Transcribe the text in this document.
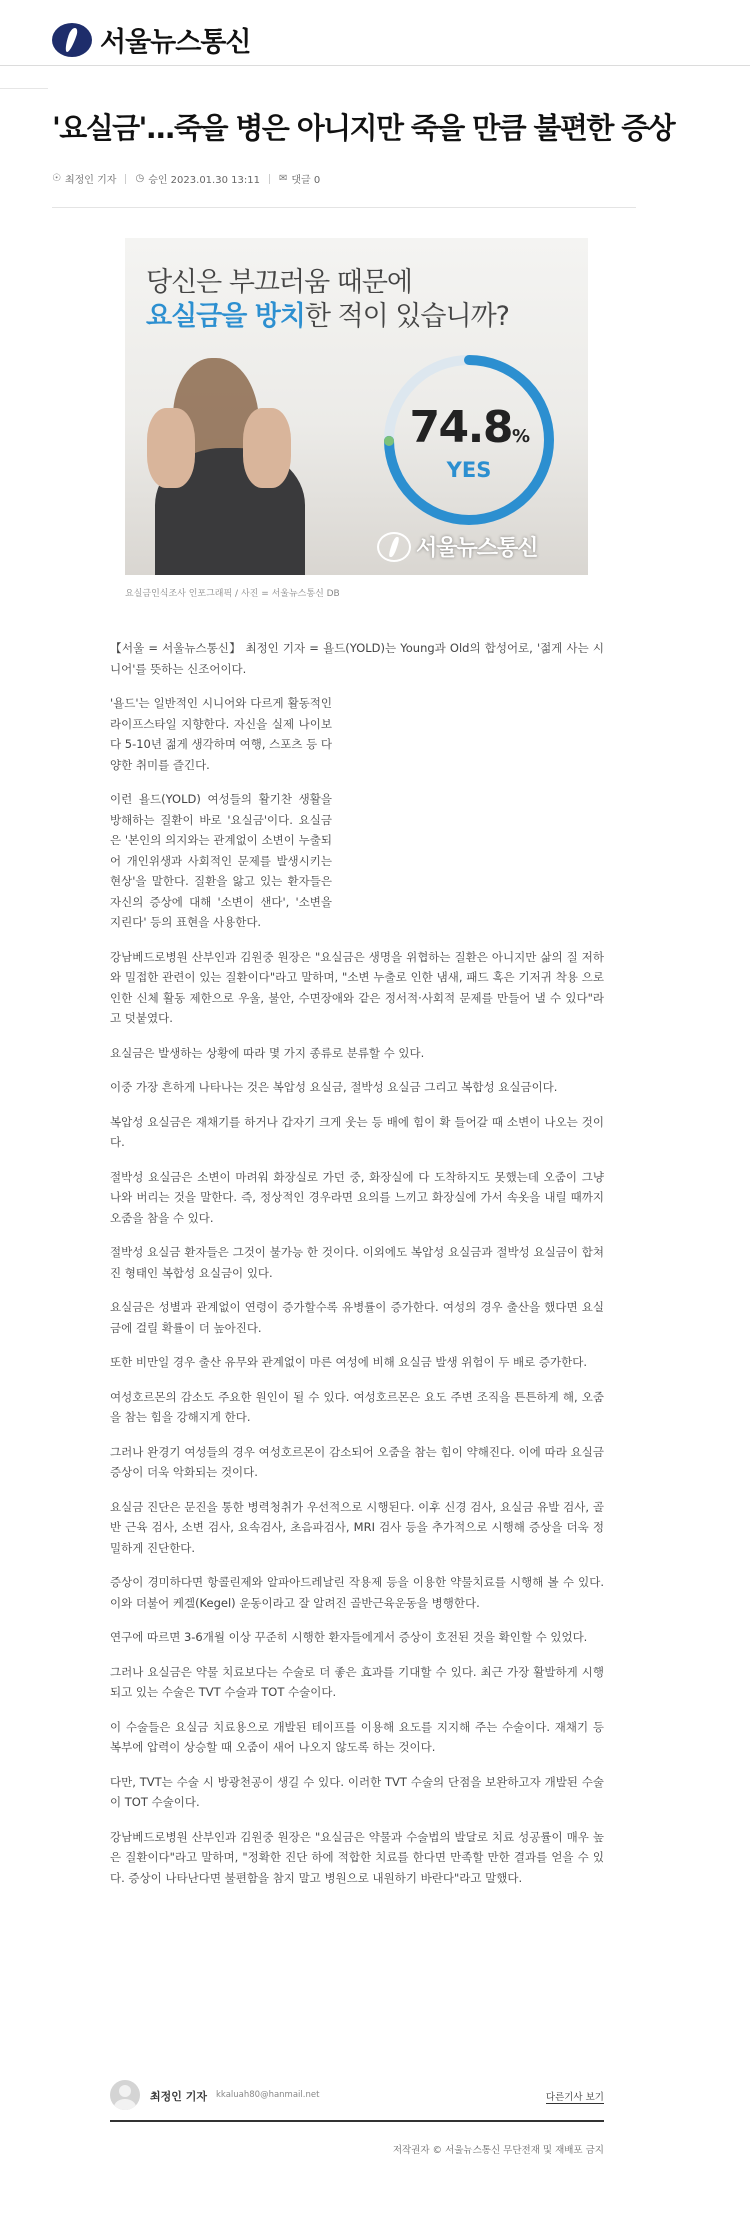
서울뉴스통신
'요실금'...죽을 병은 아니지만 죽을 만큼 불편한 증상
☉ 최정인 기자 ◷ 승인 2023.01.30 13:11 ✉ 댓글 0
당신은 부끄러움 때문에
요실금을 방치한 적이 있습니까?
74.8%
YES
서울뉴스통신
요실금인식조사 인포그래픽 / 사진 = 서울뉴스통신 DB

【서울 = 서울뉴스통신】 최정인 기자 = 욜드(YOLD)는 Young과 Old의 합성어로, '젊게 사는 시니어'를 뜻하는 신조어이다.

'욜드'는 일반적인 시니어와 다르게 활동적인 라이프스타일 지향한다. 자신을 실제 나이보다 5-10년 젊게 생각하며 여행, 스포츠 등 다양한 취미를 즐긴다.

이런 욜드(YOLD) 여성들의 활기찬 생활을 방해하는 질환이 바로 '요실금'이다. 요실금은 '본인의 의지와는 관계없이 소변이 누출되어 개인위생과 사회적인 문제를 발생시키는 현상'을 말한다. 질환을 앓고 있는 환자들은 자신의 증상에 대해 '소변이 샌다', '소변을 지린다' 등의 표현을 사용한다.

강남베드로병원 산부인과 김원중 원장은 "요실금은 생명을 위협하는 질환은 아니지만 삶의 질 저하와 밀접한 관련이 있는 질환이다"라고 말하며, "소변 누출로 인한 냄새, 패드 혹은 기저귀 착용 으로 인한 신체 활동 제한으로 우울, 불안, 수면장애와 같은 정서적·사회적 문제를 만들어 낼 수 있다"라고 덧붙였다.

요실금은 발생하는 상황에 따라 몇 가지 종류로 분류할 수 있다.

이중 가장 흔하게 나타나는 것은 복압성 요실금, 절박성 요실금 그리고 복합성 요실금이다.

복압성 요실금은 재채기를 하거나 갑자기 크게 웃는 등 배에 힘이 확 들어갈 때 소변이 나오는 것이다.

절박성 요실금은 소변이 마려워 화장실로 가던 중, 화장실에 다 도착하지도 못했는데 오줌이 그냥 나와 버리는 것을 말한다. 즉, 정상적인 경우라면 요의를 느끼고 화장실에 가서 속옷을 내릴 때까지 오줌을 참을 수 있다.

절박성 요실금 환자들은 그것이 불가능 한 것이다. 이외에도 복압성 요실금과 절박성 요실금이 합쳐진 형태인 복합성 요실금이 있다.

요실금은 성별과 관계없이 연령이 증가할수록 유병률이 증가한다. 여성의 경우 출산을 했다면 요실금에 걸릴 확률이 더 높아진다.

또한 비만일 경우 출산 유무와 관계없이 마른 여성에 비해 요실금 발생 위험이 두 배로 증가한다.

여성호르몬의 감소도 주요한 원인이 될 수 있다. 여성호르몬은 요도 주변 조직을 튼튼하게 해, 오줌을 참는 힘을 강해지게 한다.

그러나 완경기 여성들의 경우 여성호르몬이 감소되어 오줌을 참는 힘이 약해진다. 이에 따라 요실금 증상이 더욱 악화되는 것이다.

요실금 진단은 문진을 통한 병력청취가 우선적으로 시행된다. 이후 신경 검사, 요실금 유발 검사, 골반 근육 검사, 소변 검사, 요속검사, 초음파검사, MRI 검사 등을 추가적으로 시행해 증상을 더욱 정밀하게 진단한다.

증상이 경미하다면 항콜린제와 알파아드레날린 작용제 등을 이용한 약물치료를 시행해 볼 수 있다. 이와 더불어 케겔(Kegel) 운동이라고 잘 알려진 골반근육운동을 병행한다.

연구에 따르면 3-6개월 이상 꾸준히 시행한 환자들에게서 증상이 호전된 것을 확인할 수 있었다.

그러나 요실금은 약물 치료보다는 수술로 더 좋은 효과를 기대할 수 있다. 최근 가장 활발하게 시행되고 있는 수술은 TVT 수술과 TOT 수술이다.

이 수술들은 요실금 치료용으로 개발된 테이프를 이용해 요도를 지지해 주는 수술이다. 재채기 등 복부에 압력이 상승할 때 오줌이 새어 나오지 않도록 하는 것이다.

다만, TVT는 수술 시 방광천공이 생길 수 있다. 이러한 TVT 수술의 단점을 보완하고자 개발된 수술이 TOT 수술이다.

강남베드로병원 산부인과 김원중 원장은 "요실금은 약물과 수술법의 발달로 치료 성공률이 매우 높은 질환이다"라고 말하며, "정확한 진단 하에 적합한 치료를 한다면 만족할 만한 결과를 얻을 수 있다. 증상이 나타난다면 불편함을 참지 말고 병원으로 내원하기 바란다"라고 말했다.

최정인 기자 kkaluah80@hanmail.net	다른기사 보기
저작권자 © 서울뉴스통신 무단전재 및 재배포 금지
